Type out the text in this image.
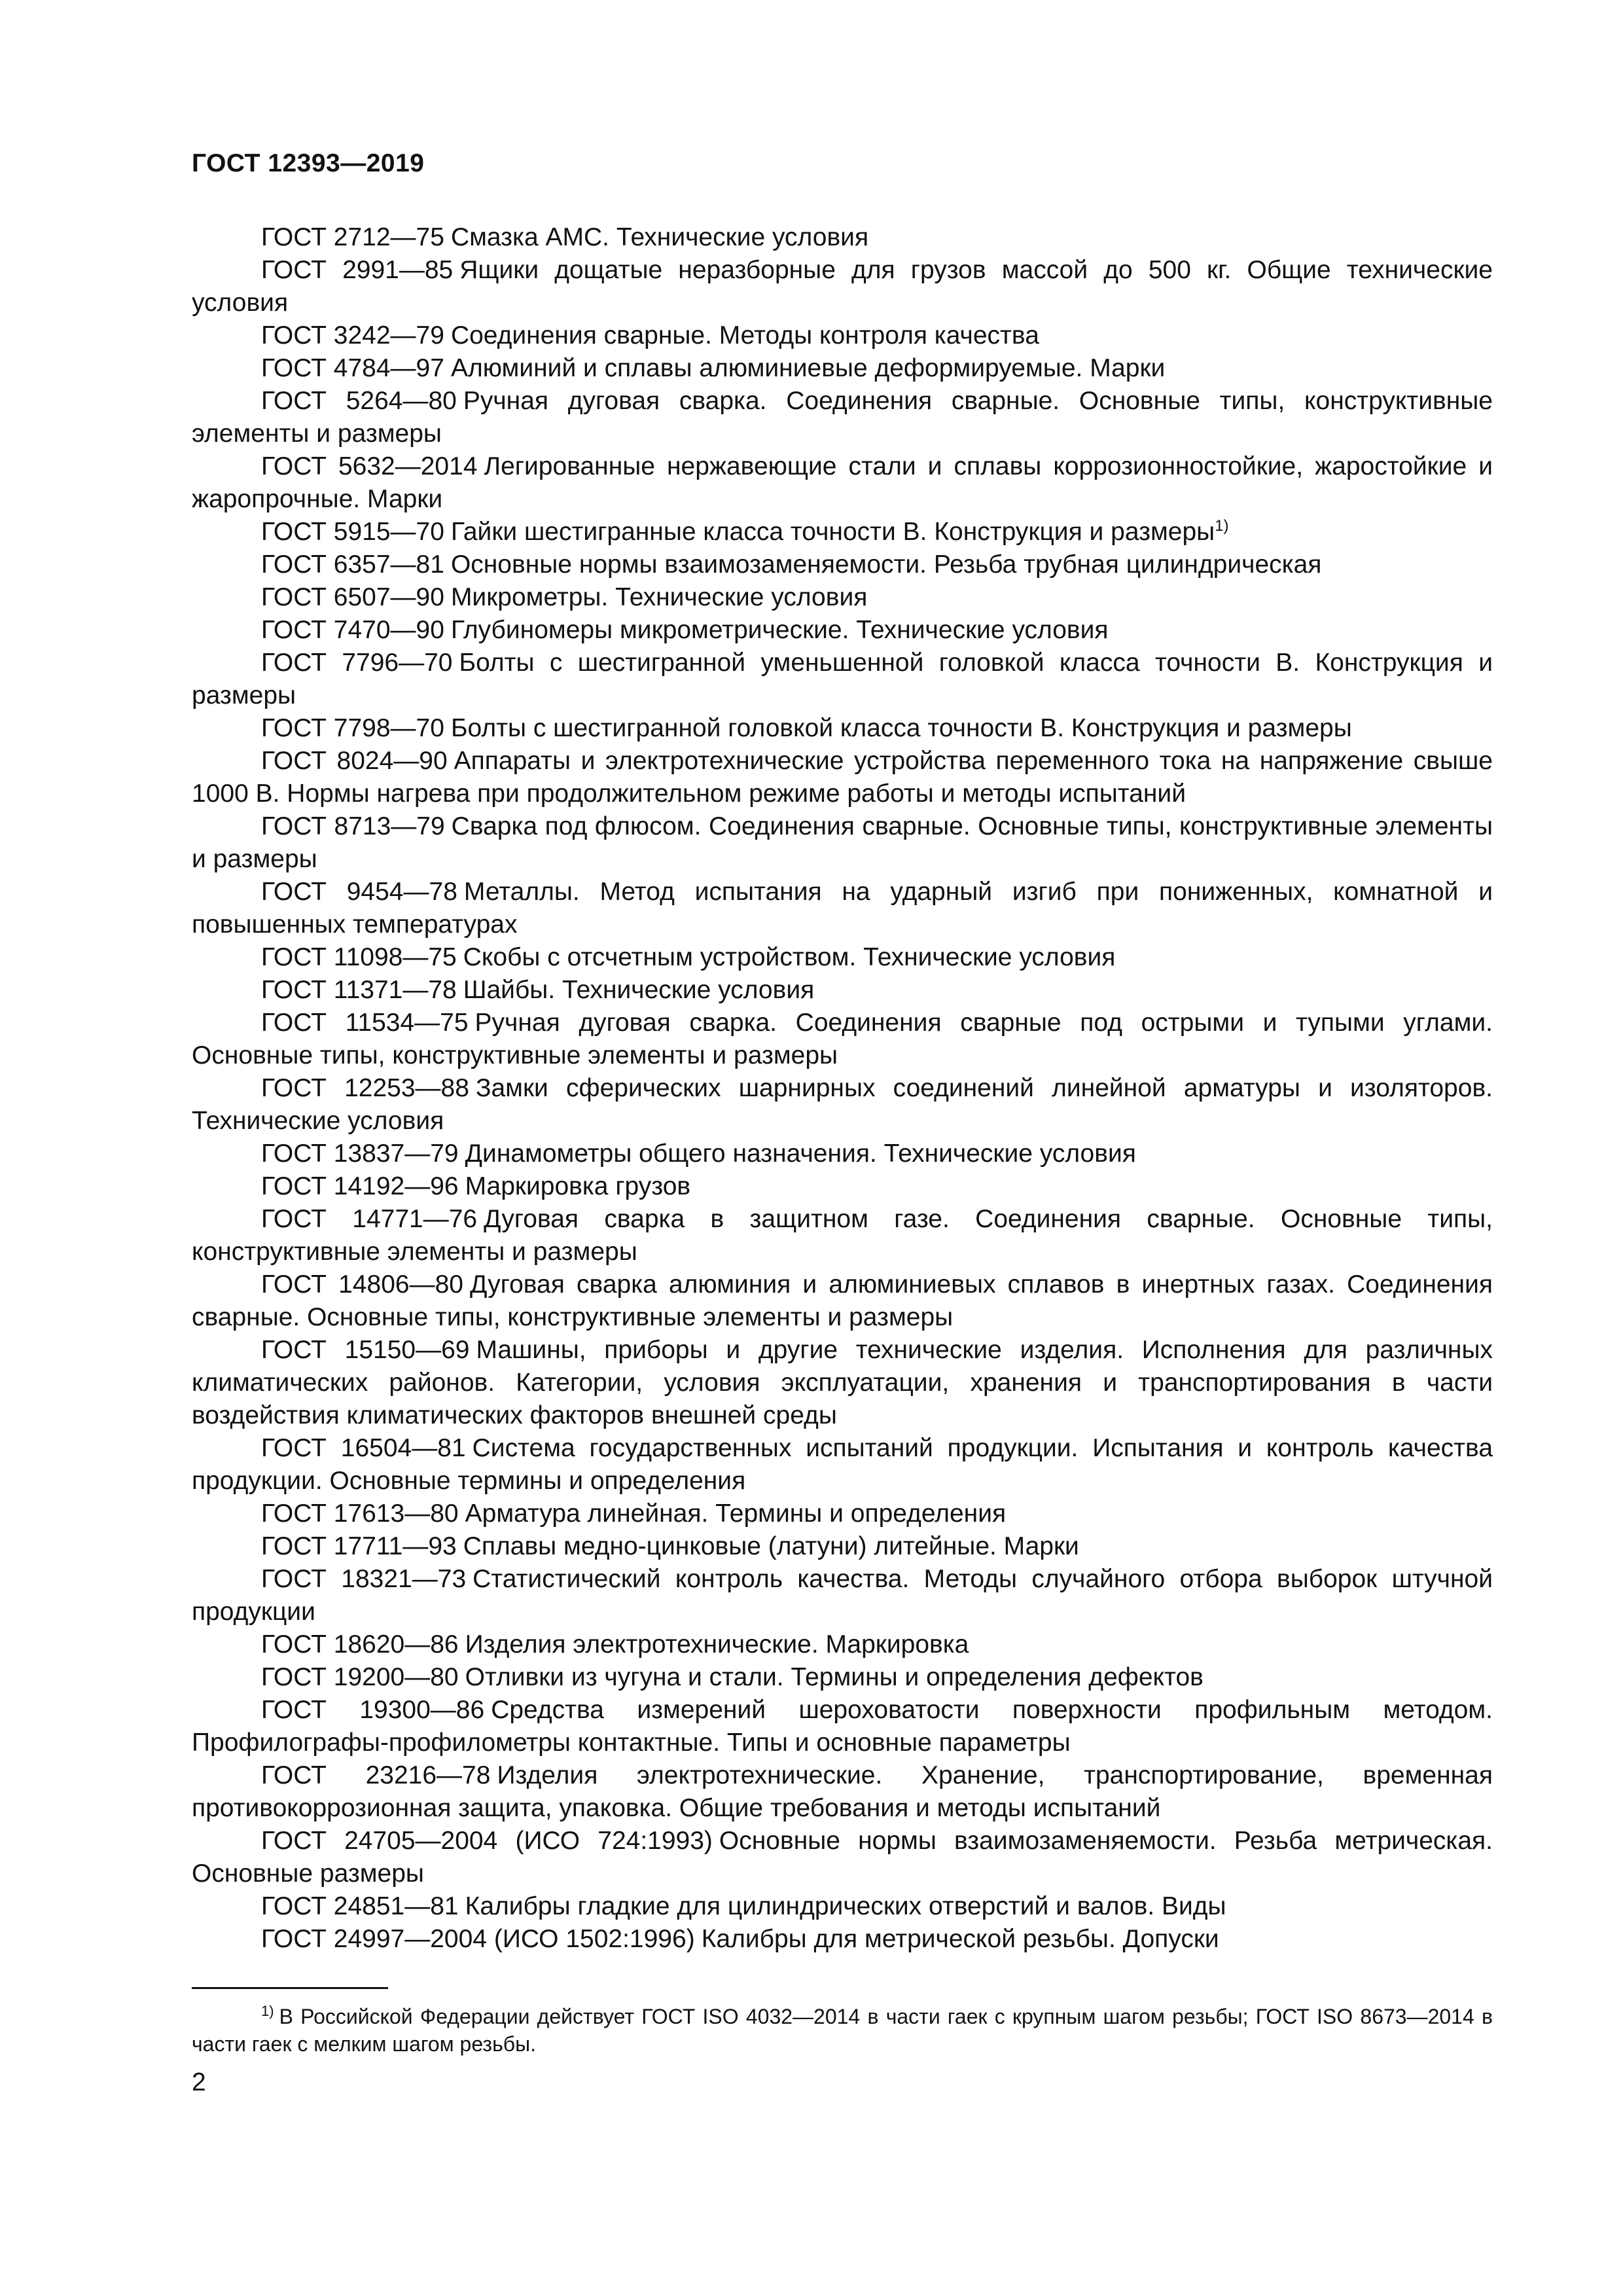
ГОСТ 12393—2019

ГОСТ 2712—75 Смазка АМС. Технические условия

ГОСТ 2991—85 Ящики дощатые неразборные для грузов массой до 500 кг. Общие технические условия

ГОСТ 3242—79 Соединения сварные. Методы контроля качества

ГОСТ 4784—97 Алюминий и сплавы алюминиевые деформируемые. Марки

ГОСТ 5264—80 Ручная дуговая сварка. Соединения сварные. Основные типы, конструктивные элементы и размеры

ГОСТ 5632—2014 Легированные нержавеющие стали и сплавы коррозионностойкие, жаростойкие и жаропрочные. Марки

ГОСТ 5915—70 Гайки шестигранные класса точности В. Конструкция и размеры$^{1)}$

ГОСТ 6357—81 Основные нормы взаимозаменяемости. Резьба трубная цилиндрическая

ГОСТ 6507—90 Микрометры. Технические условия

ГОСТ 7470—90 Глубиномеры микрометрические. Технические условия

ГОСТ 7796—70 Болты с шестигранной уменьшенной головкой класса точности В. Конструкция и размеры

ГОСТ 7798—70 Болты с шестигранной головкой класса точности В. Конструкция и размеры

ГОСТ 8024—90 Аппараты и электротехнические устройства переменного тока на напряжение свыше 1000 В. Нормы нагрева при продолжительном режиме работы и методы испытаний

ГОСТ 8713—79 Сварка под флюсом. Соединения сварные. Основные типы, конструктивные элементы и размеры

ГОСТ 9454—78 Металлы. Метод испытания на ударный изгиб при пониженных, комнатной и повышенных температурах

ГОСТ 11098—75 Скобы с отсчетным устройством. Технические условия

ГОСТ 11371—78 Шайбы. Технические условия

ГОСТ 11534—75 Ручная дуговая сварка. Соединения сварные под острыми и тупыми углами. Основные типы, конструктивные элементы и размеры

ГОСТ 12253—88 Замки сферических шарнирных соединений линейной арматуры и изоляторов. Технические условия

ГОСТ 13837—79 Динамометры общего назначения. Технические условия

ГОСТ 14192—96 Маркировка грузов

ГОСТ 14771—76 Дуговая сварка в защитном газе. Соединения сварные. Основные типы, конструктивные элементы и размеры

ГОСТ 14806—80 Дуговая сварка алюминия и алюминиевых сплавов в инертных газах. Соединения сварные. Основные типы, конструктивные элементы и размеры

ГОСТ 15150—69 Машины, приборы и другие технические изделия. Исполнения для различных климатических районов. Категории, условия эксплуатации, хранения и транспортирования в части воздействия климатических факторов внешней среды

ГОСТ 16504—81 Система государственных испытаний продукции. Испытания и контроль качества продукции. Основные термины и определения

ГОСТ 17613—80 Арматура линейная. Термины и определения

ГОСТ 17711—93 Сплавы медно-цинковые (латуни) литейные. Марки

ГОСТ 18321—73 Статистический контроль качества. Методы случайного отбора выборок штучной продукции

ГОСТ 18620—86 Изделия электротехнические. Маркировка

ГОСТ 19200—80 Отливки из чугуна и стали. Термины и определения дефектов

ГОСТ 19300—86 Средства измерений шероховатости поверхности профильным методом. Профилографы-профилометры контактные. Типы и основные параметры

ГОСТ 23216—78 Изделия электротехнические. Хранение, транспортирование, временная противокоррозионная защита, упаковка. Общие требования и методы испытаний

ГОСТ 24705—2004 (ИСО 724:1993) Основные нормы взаимозаменяемости. Резьба метрическая. Основные размеры

ГОСТ 24851—81 Калибры гладкие для цилиндрических отверстий и валов. Виды

ГОСТ 24997—2004 (ИСО 1502:1996) Калибры для метрической резьбы. Допуски

$^{1)}$ В Российской Федерации действует ГОСТ ISO 4032—2014 в части гаек с крупным шагом резьбы; ГОСТ ISO 8673—2014 в части гаек с мелким шагом резьбы.

2
